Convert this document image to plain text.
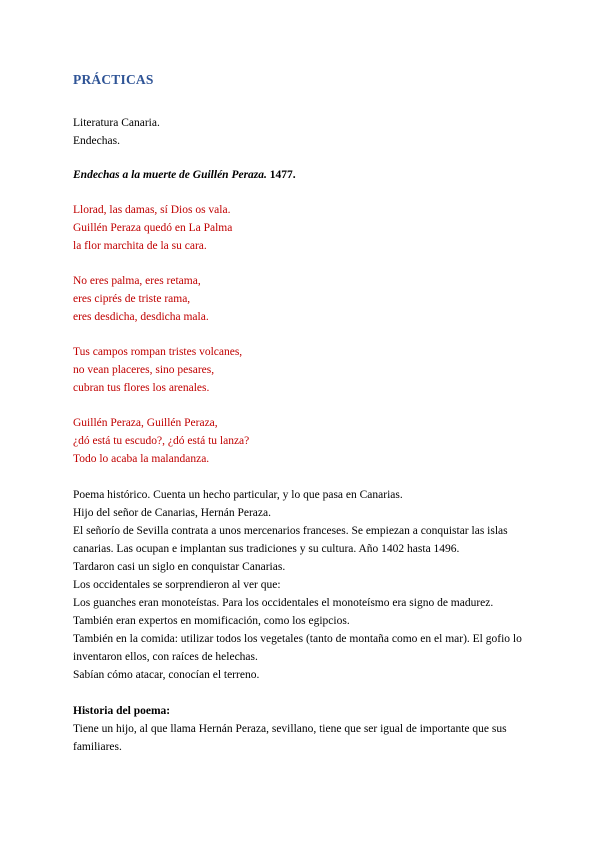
PRÁCTICAS

Literatura Canaria.

Endechas.

Endechas a la muerte de Guillén Peraza. 1477.

Llorad, las damas, sí Dios os vala.

Guillén Peraza quedó en La Palma

la flor marchita de la su cara.

No eres palma, eres retama,

eres ciprés de triste rama,

eres desdicha, desdicha mala.

Tus campos rompan tristes volcanes,

no vean placeres, sino pesares,

cubran tus flores los arenales.

Guillén Peraza, Guillén Peraza,

¿dó está tu escudo?, ¿dó está tu lanza?

Todo lo acaba la malandanza.

Poema histórico. Cuenta un hecho particular, y lo que pasa en Canarias.

Hijo del señor de Canarias, Hernán Peraza.

El señorío de Sevilla contrata a unos mercenarios franceses. Se empiezan a conquistar las islas

canarias. Las ocupan e implantan sus tradiciones y su cultura. Año 1402 hasta 1496.

Tardaron casi un siglo en conquistar Canarias.

Los occidentales se sorprendieron al ver que:

Los guanches eran monoteístas. Para los occidentales el monoteísmo era signo de madurez.

También eran expertos en momificación, como los egipcios.

También en la comida: utilizar todos los vegetales (tanto de montaña como en el mar). El gofio lo

inventaron ellos, con raíces de helechas.

Sabían cómo atacar, conocían el terreno.

Historia del poema:

Tiene un hijo, al que llama Hernán Peraza, sevillano, tiene que ser igual de importante que sus

familiares.
